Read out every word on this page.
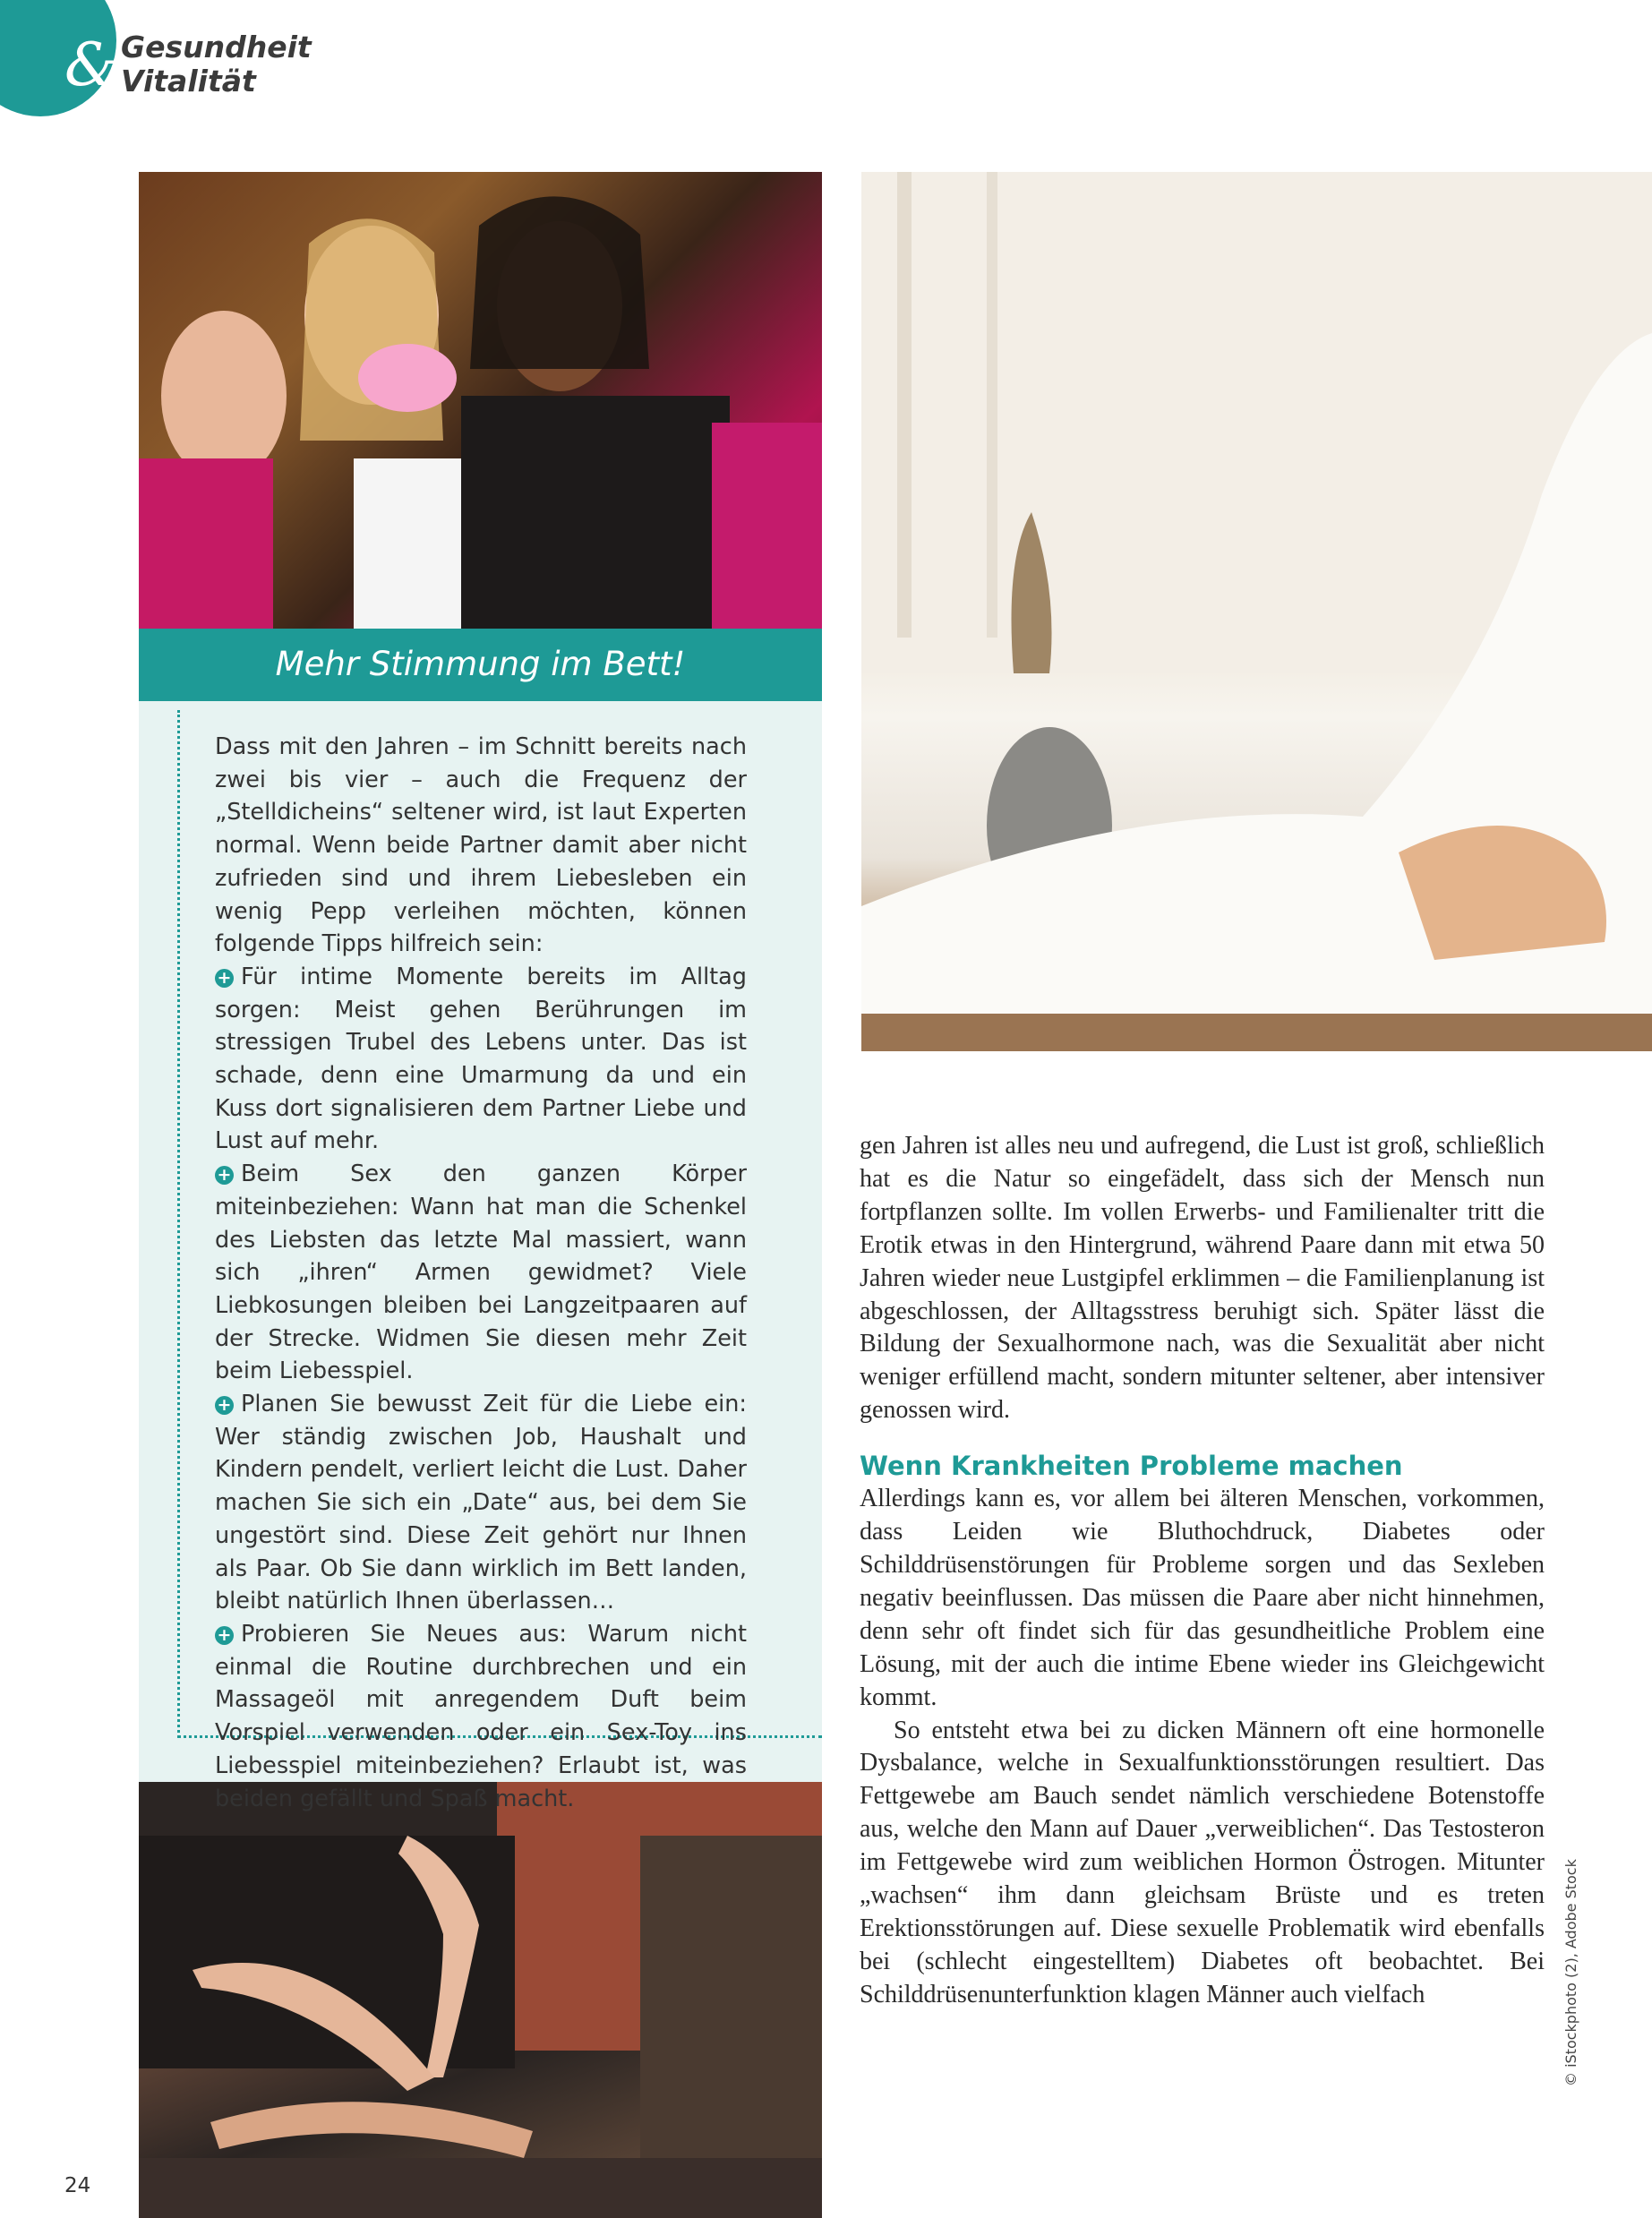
& Gesundheit
Vitalität
Mehr Stimmung im Bett!

Dass mit den Jahren – im Schnitt bereits nach zwei bis vier – auch die Frequenz der „Stelldicheins“ seltener wird, ist laut Experten normal. Wenn beide Partner damit aber nicht zufrieden sind und ihrem Liebesleben ein wenig Pepp verleihen möchten, können folgende Tipps hilfreich sein:

+ Für intime Momente bereits im Alltag sorgen: Meist gehen Berührungen im stressigen Trubel des Lebens unter. Das ist schade, denn eine Umarmung da und ein Kuss dort signalisieren dem Partner Liebe und Lust auf mehr.

+ Beim Sex den ganzen Körper miteinbeziehen: Wann hat man die Schenkel des Liebsten das letzte Mal massiert, wann sich „ihren“ Armen gewidmet? Viele Liebkosungen bleiben bei Langzeitpaaren auf der Strecke. Widmen Sie diesen mehr Zeit beim Liebesspiel.

+ Planen Sie bewusst Zeit für die Liebe ein: Wer ständig zwischen Job, Haushalt und Kindern pendelt, verliert leicht die Lust. Daher machen Sie sich ein „Date“ aus, bei dem Sie ungestört sind. Diese Zeit gehört nur Ihnen als Paar. Ob Sie dann wirklich im Bett landen, bleibt natürlich Ihnen überlassen…

+ Probieren Sie Neues aus: Warum nicht einmal die Routine durchbrechen und ein Massageöl mit anregendem Duft beim Vorspiel verwenden oder ein Sex-Toy ins Liebesspiel miteinbeziehen? Erlaubt ist, was beiden gefällt und Spaß macht.

gen Jahren ist alles neu und aufregend, die Lust ist groß, schließlich hat es die Natur so eingefädelt, dass sich der Mensch nun fortpflanzen sollte. Im vollen Erwerbs- und Familienalter tritt die Erotik etwas in den Hintergrund, während Paare dann mit etwa 50 Jahren wieder neue Lustgipfel erklimmen – die Familienplanung ist abgeschlossen, der Alltagsstress beruhigt sich. Später lässt die Bildung der Sexualhormone nach, was die Sexualität aber nicht weniger erfüllend macht, sondern mitunter seltener, aber intensiver genossen wird.

Wenn Krankheiten Probleme machen

Allerdings kann es, vor allem bei älteren Menschen, vorkommen, dass Leiden wie Bluthochdruck, Diabetes oder Schilddrüsenstörungen für Probleme sorgen und das Sexleben negativ beeinflussen. Das müssen die Paare aber nicht hinnehmen, denn sehr oft findet sich für das gesundheitliche Problem eine Lösung, mit der auch die intime Ebene wieder ins Gleichgewicht kommt.

So entsteht etwa bei zu dicken Männern oft eine hormonelle Dysbalance, welche in Sexualfunktionsstörungen resultiert. Das Fettgewebe am Bauch sendet nämlich verschiedene Botenstoffe aus, welche den Mann auf Dauer „verweiblichen“. Das Testosteron im Fettgewebe wird zum weiblichen Hormon Östrogen. Mitunter „wachsen“ ihm dann gleichsam Brüste und es treten Erektionsstörungen auf. Diese sexuelle Problematik wird ebenfalls bei (schlecht eingestelltem) Diabetes oft beobachtet. Bei Schilddrüsenunterfunktion klagen Männer auch vielfach	© iStockphoto (2), Adobe Stock
24
